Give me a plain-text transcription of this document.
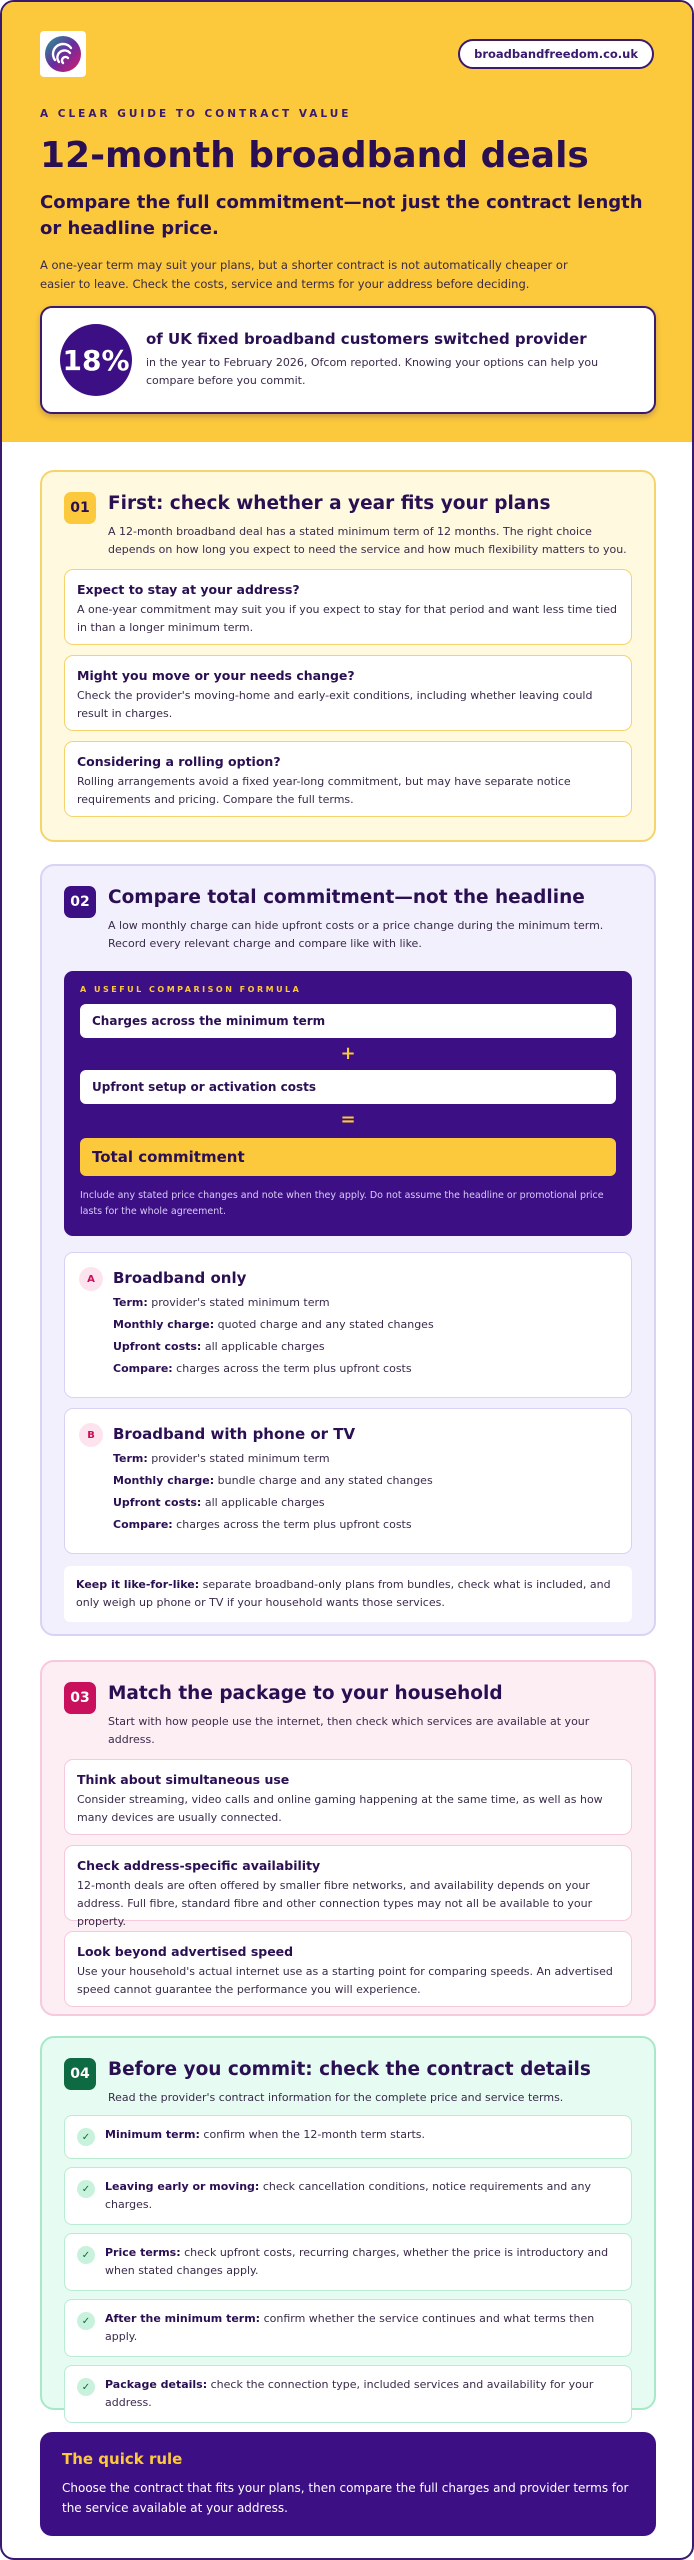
broadbandfreedom.co.uk
A CLEAR GUIDE TO CONTRACT VALUE
12-month broadband deals
Compare the full commitment—not just the contract length or headline price.

A one-year term may suit your plans, but a shorter contract is not automatically cheaper or easier to leave. Check the costs, service and terms for your address before deciding.

18%
of UK fixed broadband customers switched provider
in the year to February 2026, Ofcom reported. Knowing your options can help you compare before you commit.
01 First: check whether a year fits your plans
A 12-month broadband deal has a stated minimum term of 12 months. The right choice depends on how long you expect to need the service and how much flexibility matters to you.
Expect to stay at your address?
A one-year commitment may suit you if you expect to stay for that period and want less time tied in than a longer minimum term.
Might you move or your needs change?
Check the provider's moving-home and early-exit conditions, including whether leaving could result in charges.
Considering a rolling option?
Rolling arrangements avoid a fixed year-long commitment, but may have separate notice requirements and pricing. Compare the full terms.
02 Compare total commitment—not the headline
A low monthly charge can hide upfront costs or a price change during the minimum term. Record every relevant charge and compare like with like.
A USEFUL COMPARISON FORMULA
Charges across the minimum term
+
Upfront setup or activation costs
=
Total commitment
Include any stated price changes and note when they apply. Do not assume the headline or promotional price lasts for the whole agreement.
A	Broadband only
Term: provider's stated minimum term
Monthly charge: quoted charge and any stated changes
Upfront costs: all applicable charges
Compare: charges across the term plus upfront costs
B	Broadband with phone or TV
Term: provider's stated minimum term
Monthly charge: bundle charge and any stated changes
Upfront costs: all applicable charges
Compare: charges across the term plus upfront costs
Keep it like-for-like: separate broadband-only plans from bundles, check what is included, and only weigh up phone or TV if your household wants those services.
03 Match the package to your household
Start with how people use the internet, then check which services are available at your address.
Think about simultaneous use
Consider streaming, video calls and online gaming happening at the same time, as well as how many devices are usually connected.
Check address-specific availability
12-month deals are often offered by smaller fibre networks, and availability depends on your address. Full fibre, standard fibre and other connection types may not all be available to your property.
Look beyond advertised speed
Use your household's actual internet use as a starting point for comparing speeds. An advertised speed cannot guarantee the performance you will experience.
04 Before you commit: check the contract details
Read the provider's contract information for the complete price and service terms.
✓	Minimum term: confirm when the 12-month term starts.
✓	Leaving early or moving: check cancellation conditions, notice requirements and any charges.
✓	Price terms: check upfront costs, recurring charges, whether the price is introductory and when stated changes apply.
✓	After the minimum term: confirm whether the service continues and what terms then apply.
✓	Package details: check the connection type, included services and availability for your address.
The quick rule
Choose the contract that fits your plans, then compare the full charges and provider terms for the service available at your address.
